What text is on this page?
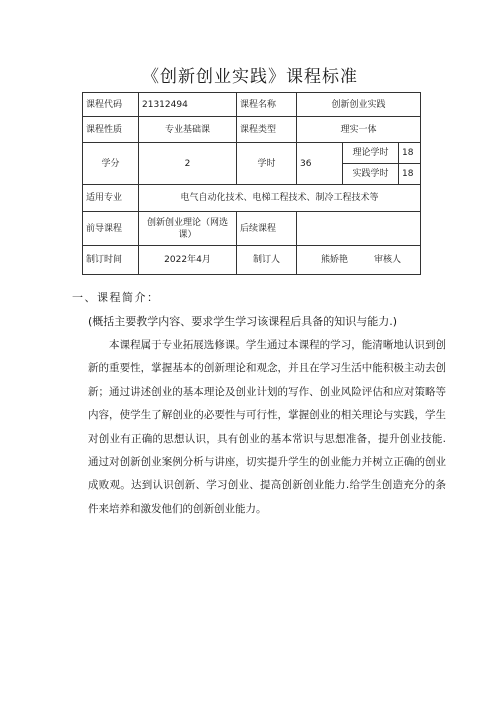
《创新创业实践》课程标准
课程代码	21312494	课程名称	创新创业实践		
课程性质	专业基础课	课程类型	理实一体		
学分	2	学时	36	理论学时	18
				实践学时	18
适用专业	电气自动化技术、电梯工程技术、制冷工程技术等				
前导课程	创新创业理论（网选课）	后续课程			
制订时间	2022年4月	制订人	熊娇艳 审核人		
一、课程简介：
(概括主要教学内容、要求学生学习该课程后具备的知识与能力.)

本课程属于专业拓展选修课。学生通过本课程的学习，能清晰地认识到创新的重要性，掌握基本的创新理论和观念，并且在学习生活中能积极主动去创新；通过讲述创业的基本理论及创业计划的写作、创业风险评估和应对策略等内容，使学生了解创业的必要性与可行性，掌握创业的相关理论与实践，学生对创业有正确的思想认识，具有创业的基本常识与思想准备，提升创业技能.通过对创新创业案例分析与讲座，切实提升学生的创业能力并树立正确的创业成败观。达到认识创新、学习创业、提高创新创业能力.给学生创造充分的条件来培养和激发他们的创新创业能力。
